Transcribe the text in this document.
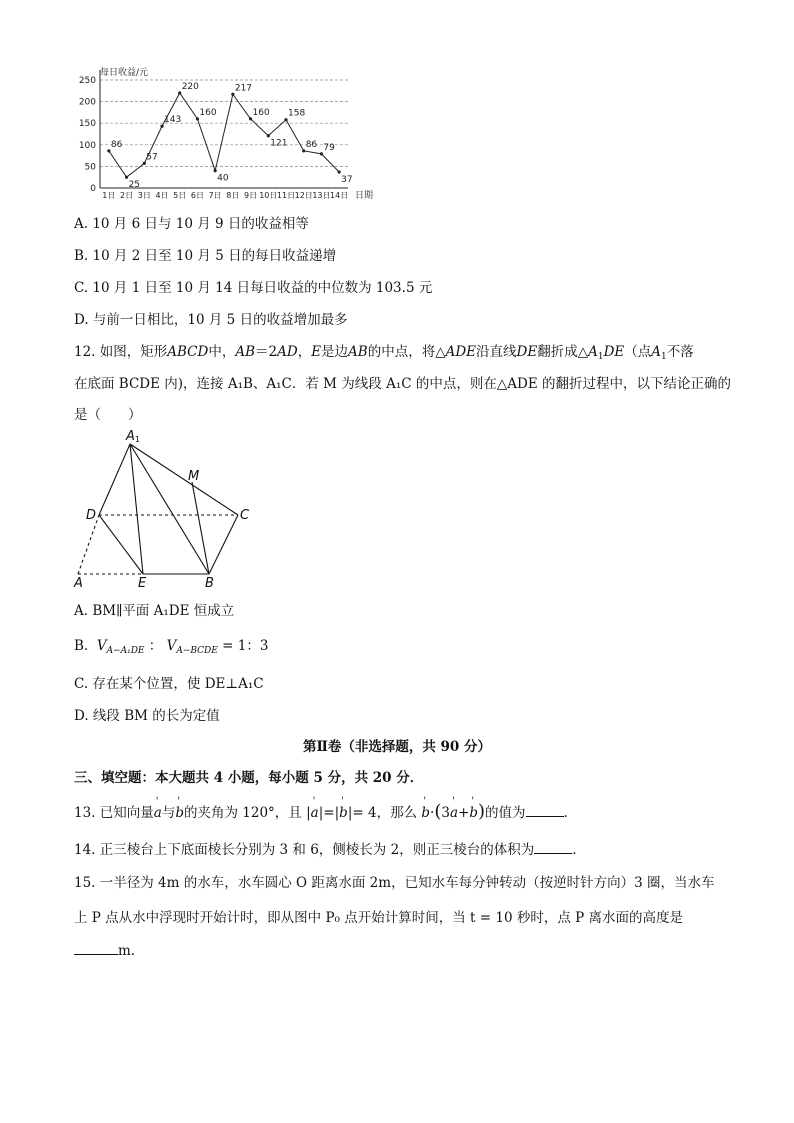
每日收益/元
0
50
100
150
200
250
1日 2日 3日 4日 5日 6日 7日 8日 9日 10日 11日 12日 13日 14日
86
25
57
143
220
160
40
217
160
121
158
86 79
37
日期
A. 10 月 6 日与 10 月 9 日的收益相等
B. 10 月 2 日至 10 月 5 日的每日收益递增
C. 10 月 1 日至 10 月 14 日每日收益的中位数为 103.5 元
D. 与前一日相比，10 月 5 日的收益增加最多
12. 如图，矩形ABCD中，AB＝2AD，E是边AB的中点，将△ADE沿直线DE翻折成$\triangle A_1DE$（点$A_1$不落
在底面 BCDE 内)，连接 A₁B、A₁C．若 M 为线段 A₁C 的中点，则在△ADE 的翻折过程中，以下结论正确的
是（　　）
A1
M
D	C
A	E	B
A. BM∥平面 A₁DE 恒成立
B. $V_{A-A_1DE}$ ： $V_{A-BCDE} = 1$：3
C. 存在某个位置，使 DE⊥A₁C
D. 线段 BM 的长为定值
第Ⅱ卷（非选择题，共 90 分）
三、填空题：本大题共 4 小题，每小题 5 分，共 20 分．
13. 已知向量' a与' b的夹角为 120°，且 |' a|=|' b|= 4，那么 ' b·(3' a+' b)的值为	.
14. 正三棱台上下底面棱长分别为 3 和 6，侧棱长为 2，则正三棱台的体积为	.
15. 一半径为 4m 的水车，水车圆心 O 距离水面 2m，已知水车每分钟转动（按逆时针方向）3 圈，当水车
上 P 点从水中浮现时开始计时，即从图中 P₀ 点开始计算时间，当 t = 10 秒时，点 P 离水面的高度是
m.
